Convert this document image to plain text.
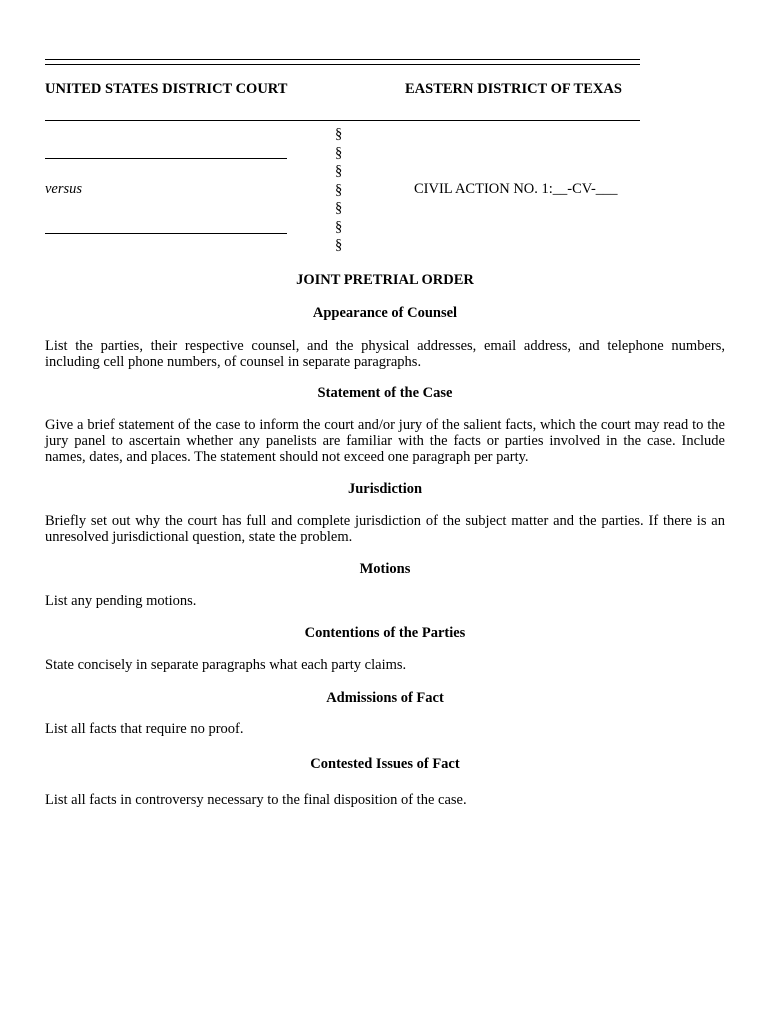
UNITED STATES DISTRICT COURT	EASTERN DISTRICT OF TEXAS
versus
§
§
§
§
§
§
§
CIVIL ACTION NO. 1:__-CV-___
JOINT PRETRIAL ORDER
Appearance of Counsel
List the parties, their respective counsel, and the physical addresses, email address, and telephone numbers, including cell phone numbers, of counsel in separate paragraphs.
Statement of the Case
Give a brief statement of the case to inform the court and/or jury of the salient facts, which the court may read to the jury panel to ascertain whether any panelists are familiar with the facts or parties involved in the case. Include names, dates, and places. The statement should not exceed one paragraph per party.
Jurisdiction
Briefly set out why the court has full and complete jurisdiction of the subject matter and the parties. If there is an unresolved jurisdictional question, state the problem.
Motions
List any pending motions.
Contentions of the Parties
State concisely in separate paragraphs what each party claims.
Admissions of Fact
List all facts that require no proof.
Contested Issues of Fact
List all facts in controversy necessary to the final disposition of the case.
